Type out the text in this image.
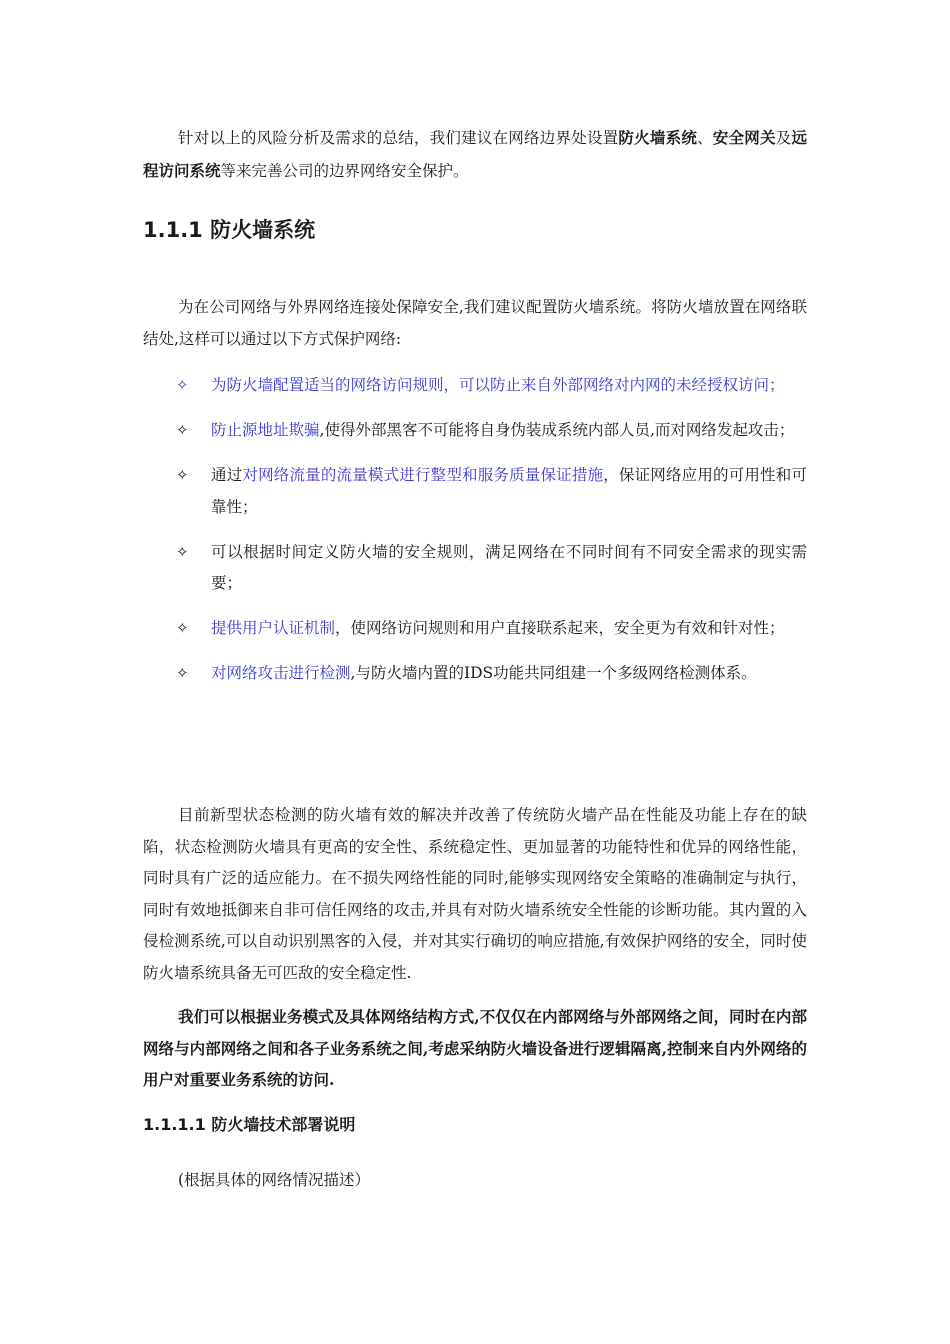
针对以上的风险分析及需求的总结，我们建议在网络边界处设置防火墙系统、安全网关及远程访问系统等来完善公司的边界网络安全保护。

1.1.1 防火墙系统

为在公司网络与外界网络连接处保障安全,我们建议配置防火墙系统。将防火墙放置在网络联结处,这样可以通过以下方式保护网络:

✧ 为防火墙配置适当的网络访问规则，可以防止来自外部网络对内网的未经授权访问；
✧ 防止源地址欺骗,使得外部黑客不可能将自身伪装成系统内部人员,而对网络发起攻击；
✧ 通过对网络流量的流量模式进行整型和服务质量保证措施，保证网络应用的可用性和可靠性；
✧ 可以根据时间定义防火墙的安全规则，满足网络在不同时间有不同安全需求的现实需要；
✧ 提供用户认证机制，使网络访问规则和用户直接联系起来，安全更为有效和针对性；
✧ 对网络攻击进行检测,与防火墙内置的IDS功能共同组建一个多级网络检测体系。

目前新型状态检测的防火墙有效的解决并改善了传统防火墙产品在性能及功能上存在的缺陷，状态检测防火墙具有更高的安全性、系统稳定性、更加显著的功能特性和优异的网络性能，同时具有广泛的适应能力。在不损失网络性能的同时,能够实现网络安全策略的准确制定与执行，同时有效地抵御来自非可信任网络的攻击,并具有对防火墙系统安全性能的诊断功能。其内置的入侵检测系统,可以自动识别黑客的入侵，并对其实行确切的响应措施,有效保护网络的安全，同时使防火墙系统具备无可匹敌的安全稳定性.

我们可以根据业务模式及具体网络结构方式,不仅仅在内部网络与外部网络之间，同时在内部网络与内部网络之间和各子业务系统之间,考虑采纳防火墙设备进行逻辑隔离,控制来自内外网络的用户对重要业务系统的访问.

1.1.1.1 防火墙技术部署说明

(根据具体的网络情况描述）
